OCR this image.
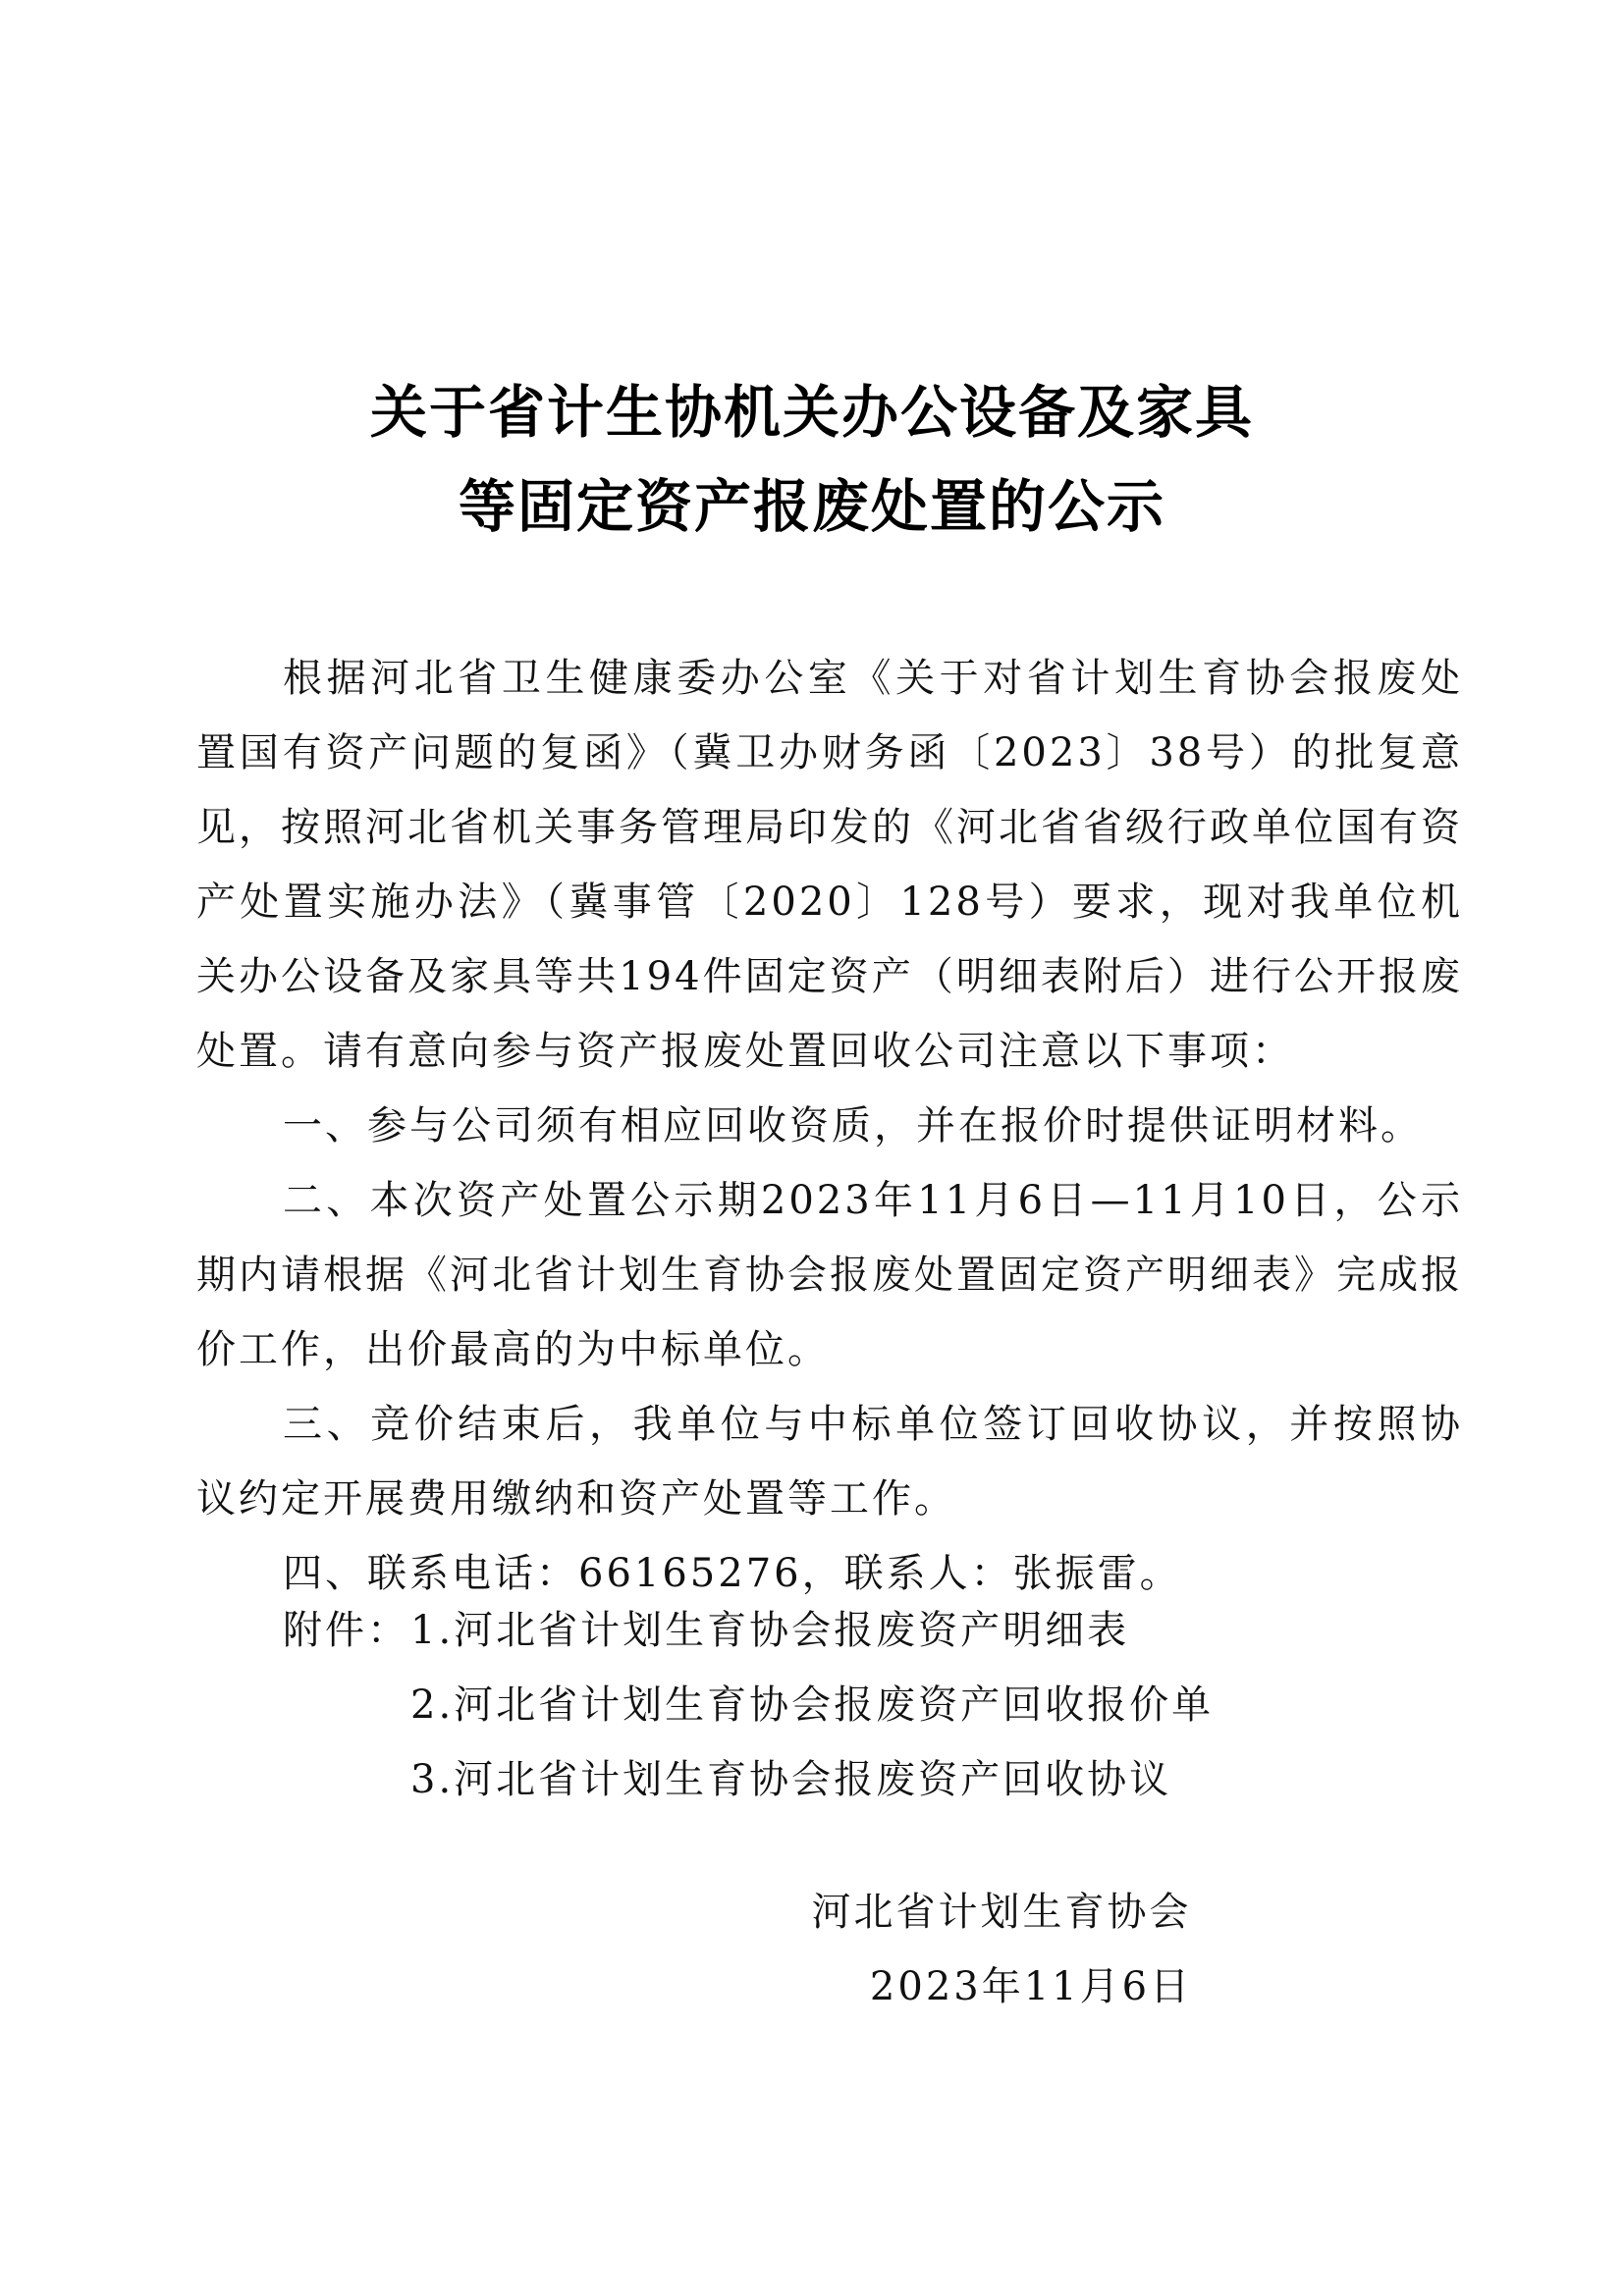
关于省计生协机关办公设备及家具
等固定资产报废处置的公示

根据河北省卫生健康委办公室《关于对省计划生育协会报废处置国有资产问题的复函》（冀卫办财务函〔2023〕38号）的批复意见，按照河北省机关事务管理局印发的《河北省省级行政单位国有资产处置实施办法》（冀事管〔2020〕128号）要求，现对我单位机关办公设备及家具等共194件固定资产（明细表附后）进行公开报废处置。请有意向参与资产报废处置回收公司注意以下事项：

一、参与公司须有相应回收资质，并在报价时提供证明材料。

二、本次资产处置公示期2023年11月6日—11月10日，公示期内请根据《河北省计划生育协会报废处置固定资产明细表》完成报价工作，出价最高的为中标单位。

三、竞价结束后，我单位与中标单位签订回收协议，并按照协议约定开展费用缴纳和资产处置等工作。

四、联系电话：66165276，联系人：张振雷。

附件：1.河北省计划生育协会报废资产明细表
2.河北省计划生育协会报废资产回收报价单
3.河北省计划生育协会报废资产回收协议
河北省计划生育协会
2023年11月6日
